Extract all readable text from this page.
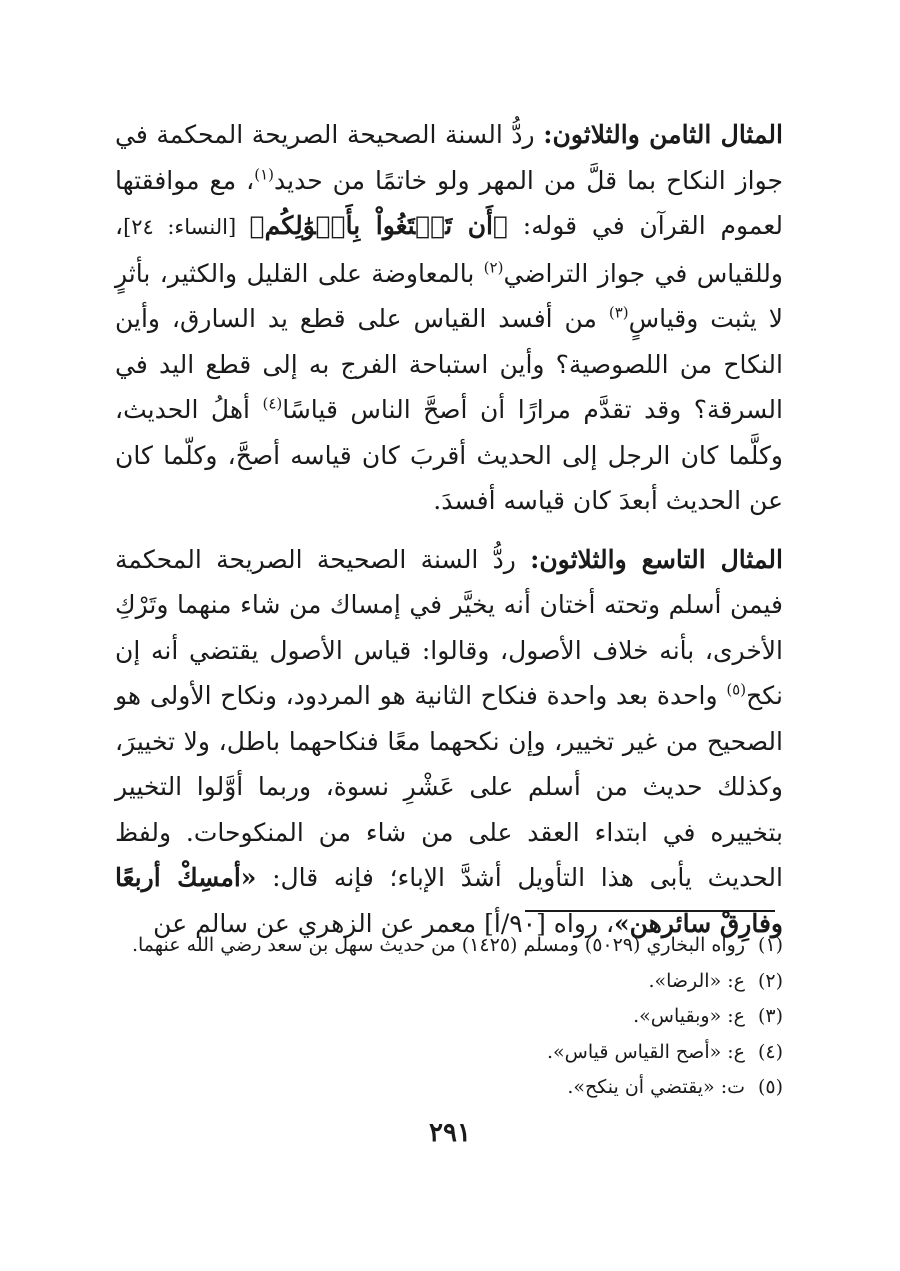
المثال الثامن والثلاثون: ردُّ السنة الصحيحة الصريحة المحكمة في جواز النكاح بما قلَّ من المهر ولو خاتمًا من حديد$^{(١)}$، مع موافقتها لعموم القرآن في قوله: ﴿أَن تَبۡتَغُواْ بِأَمۡوَٰلِكُم﴾ [النساء: ٢٤]، وللقياس في جواز التراضي$^{(٢)}$ بالمعاوضة على القليل والكثير، بأثرٍ لا يثبت وقياسٍ$^{(٣)}$ من أفسد القياس على قطع يد السارق، وأين النكاح من اللصوصية؟ وأين استباحة الفرج به إلى قطع اليد في السرقة؟ وقد تقدَّم مرارًا أن أصحَّ الناس قياسًا$^{(٤)}$ أهلُ الحديث، وكلَّما كان الرجل إلى الحديث أقربَ كان قياسه أصحَّ، وكلّما كان عن الحديث أبعدَ كان قياسه أفسدَ.

المثال التاسع والثلاثون: ردُّ السنة الصحيحة الصريحة المحكمة فيمن أسلم وتحته أختان أنه يخيَّر في إمساك من شاء منهما وتَرْكِ الأخرى، بأنه خلاف الأصول، وقالوا: قياس الأصول يقتضي أنه إن نكح$^{(٥)}$ واحدة بعد واحدة فنكاح الثانية هو المردود، ونكاح الأولى هو الصحيح من غير تخيير، وإن نكحهما معًا فنكاحهما باطل، ولا تخييرَ، وكذلك حديث من أسلم على عَشْرِ نسوة، وربما أوَّلوا التخيير بتخييره في ابتداء العقد على من شاء من المنكوحات. ولفظ الحديث يأبى هذا التأويل أشدَّ الإباء؛ فإنه قال: «أمسِكْ أربعًا وفارِقْ سائرهن»، رواه [٩٠/أ] معمر عن الزهري عن سالم عن

(١)
رواه البخاري (٥٠٢٩) ومسلم (١٤٢٥) من حديث سهل بن سعد رضي الله عنهما.
(٢)
ع: «الرضا».
(٣)
ع: «وبقياس».
(٤)
ع: «أصح القياس قياس».
(٥)
ت: «يقتضي أن ينكح».
٢٩١
